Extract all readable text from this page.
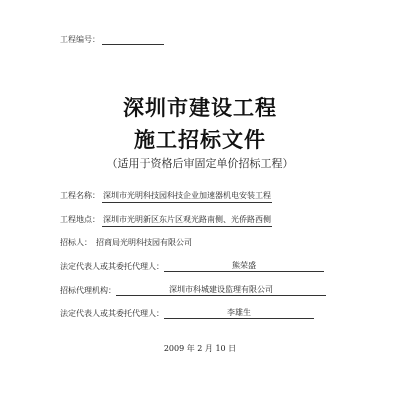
工程编号：
深圳市建设工程
施工招标文件
（适用于资格后审固定单价招标工程）
工程名称： 深圳市光明科技园科技企业加速器机电安装工程
工程地点： 深圳市光明新区东片区观光路南侧、光侨路西侧
招标人： 招商局光明科技园有限公司
法定代表人或其委托代理人：	熊荣盛
招标代理机构：	深圳市科城建设监理有限公司
法定代表人或其委托代理人：	李雄生
2009 年 2 月 10 日
